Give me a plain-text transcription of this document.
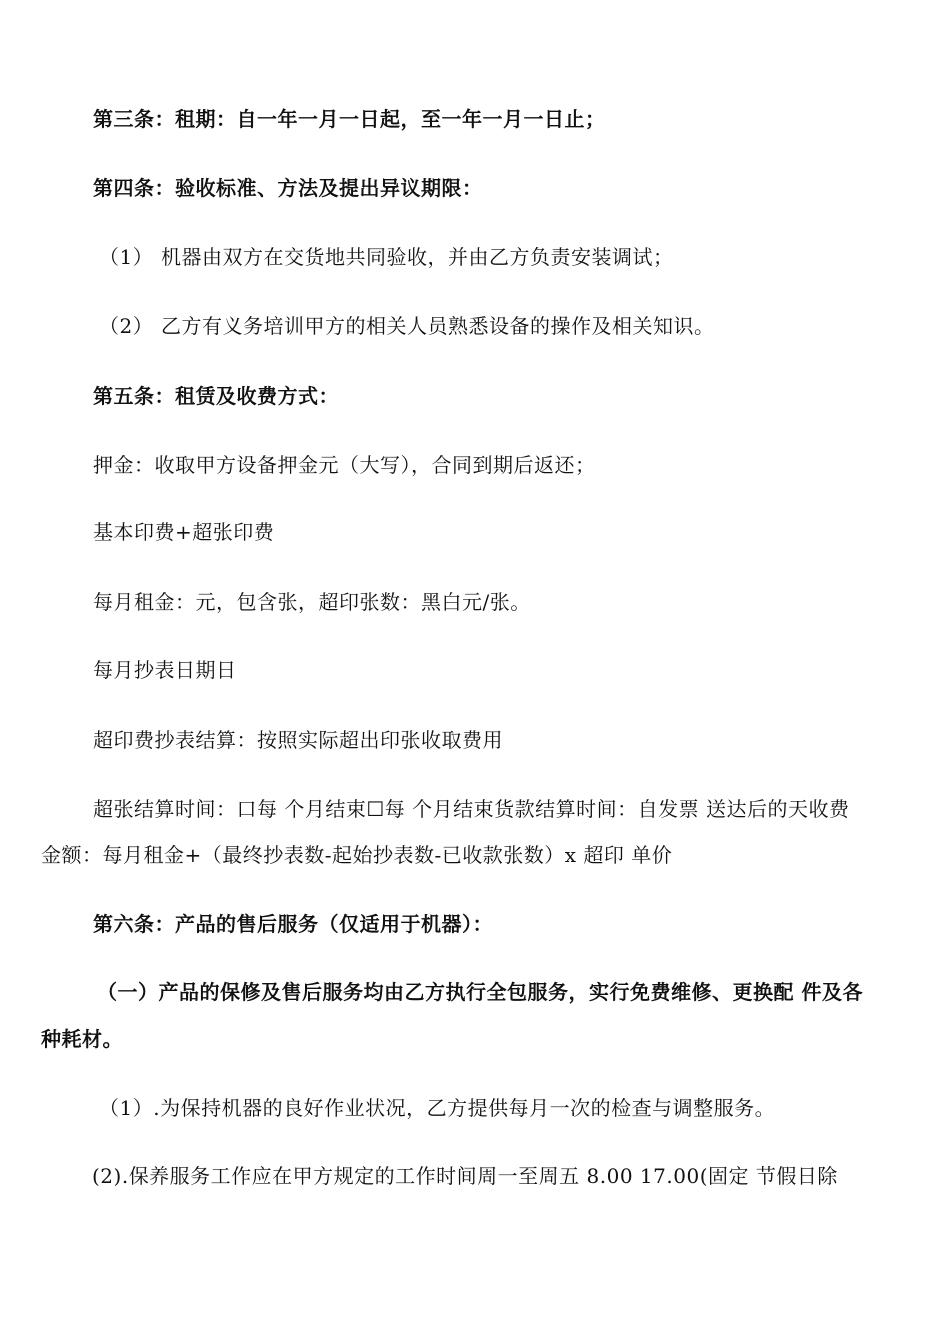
第三条：租期：自一年一月一日起，至一年一月一日止；
第四条：验收标准、方法及提出异议期限：
（1） 机器由双方在交货地共同验收，并由乙方负责安装调试；
（2） 乙方有义务培训甲方的相关人员熟悉设备的操作及相关知识。
第五条：租赁及收费方式：
押金：收取甲方设备押金元（大写），合同到期后返还；
基本印费+超张印费
每月租金：元，包含张，超印张数：黑白元/张。
每月抄表日期日
超印费抄表结算：按照实际超出印张收取费用
超张结算时间：口每 个月结束☐每 个月结束货款结算时间：自发票 送达后的天收费
金额：每月租金+（最终抄表数-起始抄表数-已收款张数）x 超印 单价
第六条：产品的售后服务（仅适用于机器）：
（一）产品的保修及售后服务均由乙方执行全包服务，实行免费维修、更换配 件及各
种耗材。
（1）.为保持机器的良好作业状况，乙方提供每月一次的检查与调整服务。
(2).保养服务工作应在甲方规定的工作时间周一至周五 8.00 17.00(固定 节假日除
